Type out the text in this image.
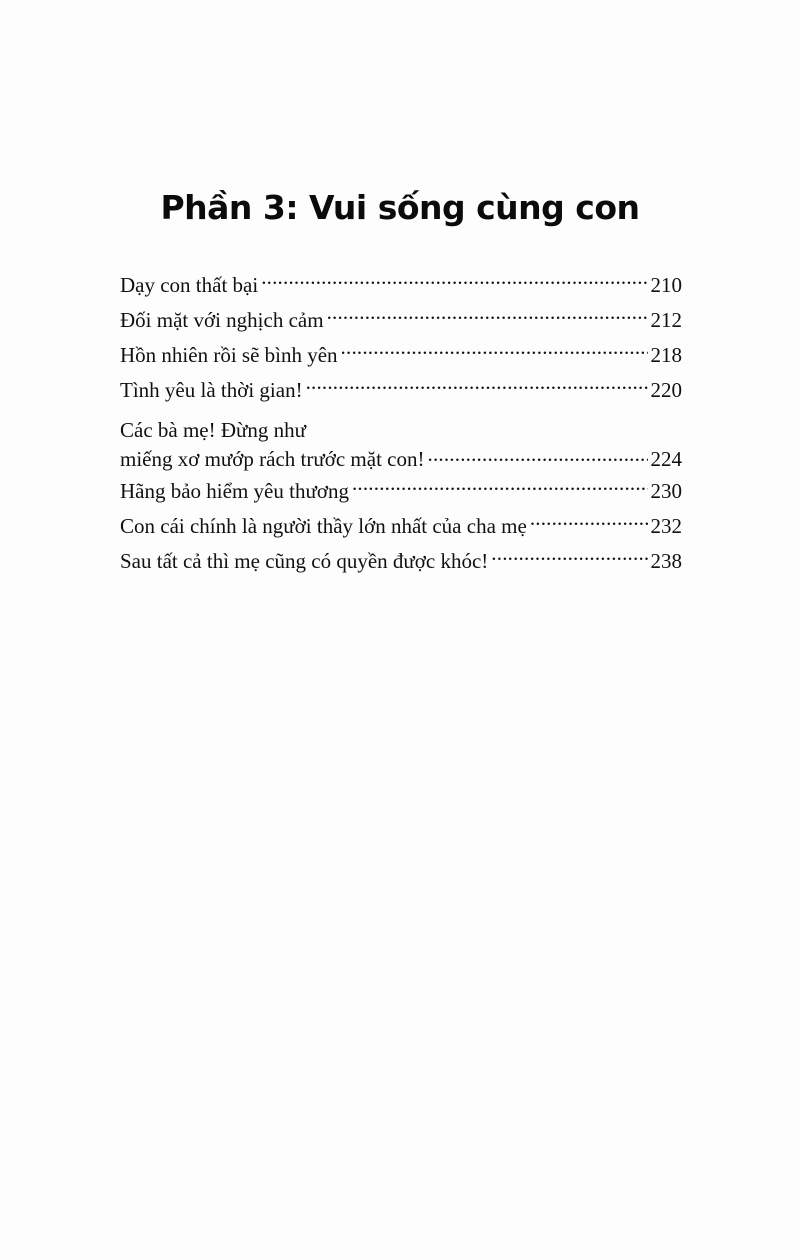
Phần 3: Vui sống cùng con
Dạy con thất bại .....	210
Đối mặt với nghịch cảm .....	212
Hồn nhiên rồi sẽ bình yên .....	218
Tình yêu là thời gian! .....	220
Các bà mẹ! Đừng như
miếng xơ mướp rách trước mặt con! .....	224
Hãng bảo hiểm yêu thương .....	230
Con cái chính là người thầy lớn nhất của cha mẹ .....	232
Sau tất cả thì mẹ cũng có quyền được khóc! .....	238
